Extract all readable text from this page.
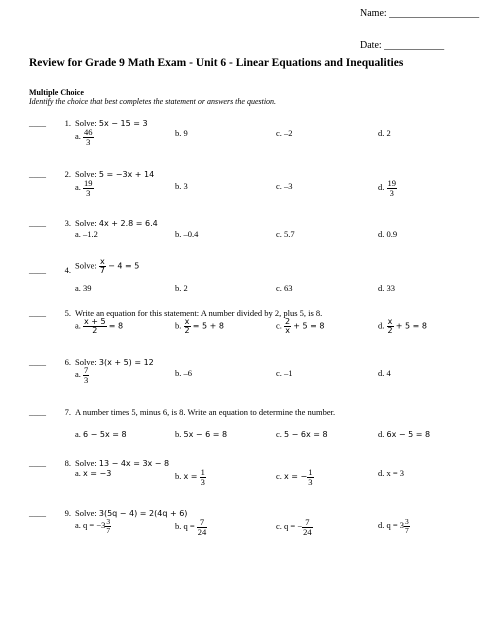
Name: __________________
Date: ____________
Review for Grade 9 Math Exam - Unit 6 - Linear Equations and Inequalities
Multiple Choice
Identify the choice that best completes the statement or answers the question.
____	1. Solve: 5x − 15 = 3
a. $\frac{46}{3}$	b. 9	c. –2	d. 2
____	2. Solve: 5 = −3x + 14
a. $\frac{19}{3}$	b. 3	c. –3	d. $\frac{19}{3}$
____	3. Solve: 4x + 2.8 = 6.4
a. –1.2	b. –0.4	c. 5.7	d. 0.9
____	4. Solve: $\frac{x}{7} - 4 = 5$
a. 39	b. 2	c. 63	d. 33
____	5. Write an equation for this statement: A number divided by 2, plus 5, is 8.
a. $\frac{x + 5}{2} = 8$	b. $\frac{x}{2} = 5 + 8$	c. $\frac{2}{x} + 5 = 8$	d. $\frac{x}{2} + 5 = 8$
____	6. Solve: 3(x + 5) = 12
a. $\frac{7}{3}$	b. –6	c. –1	d. 4
____	7. A number times 5, minus 6, is 8. Write an equation to determine the number.
a. 6 − 5x = 8	b. 5x − 6 = 8	c. 5 − 6x = 8	d. 6x − 5 = 8
____	8. Solve: 13 − 4x = 3x − 8
a. x = −3	b. $x = \frac{1}{3}$	c. x = − $\frac{1}{3}$	d. x = 3
____	9. Solve: 3(5q − 4) = 2(4q + 6)
a. $q = -3 \frac{3}{7}$	b. $q = \frac{7}{24}$	c. q = − $\frac{7}{24}$	d. $q = 3 \frac{3}{7}$
